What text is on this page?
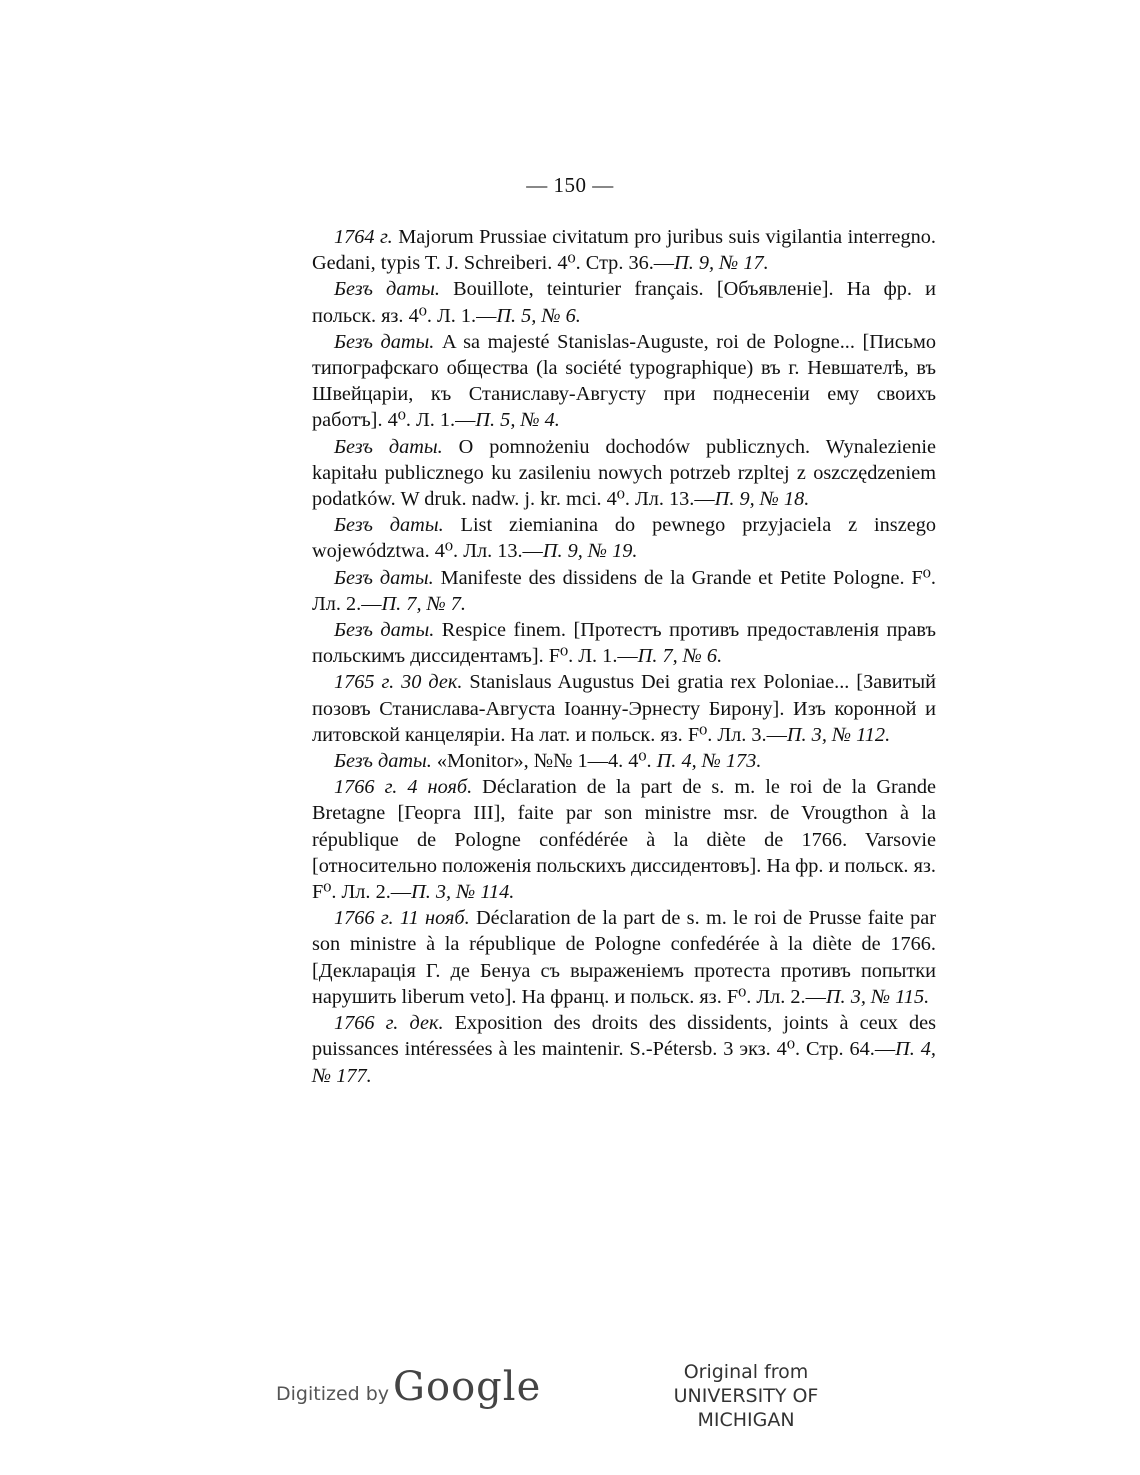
— 150 —

1764 г. Majorum Prussiae civitatum pro juribus suis vigilantia interregno. Gedani, typis T. J. Schreiberi. 4⁰. Стр. 36.—П. 9, № 17.

Безъ даты. Bouillote, teinturier français. [Объявленіе]. На фр. и польск. яз. 4⁰. Л. 1.—П. 5, № 6.

Безъ даты. A sa majesté Stanislas-Auguste, roi de Pologne... [Письмо типографскаго общества (la société typographique) въ г. Невшателѣ, въ Швейцаріи, къ Станиславу-Августу при поднесеніи ему своихъ работъ]. 4⁰. Л. 1.—П. 5, № 4.

Безъ даты. O pomnożeniu dochodów publicznych. Wynalezienie kapitału publicznego ku zasileniu nowych potrzeb rzpltej z oszczędzeniem podatków. W druk. nadw. j. kr. mci. 4⁰. Лл. 13.—П. 9, № 18.

Безъ даты. List ziemianina do pewnego przyjaciela z inszego województwa. 4⁰. Лл. 13.—П. 9, № 19.

Безъ даты. Manifeste des dissidens de la Grande et Petite Pologne. F⁰. Лл. 2.—П. 7, № 7.

Безъ даты. Respice finem. [Протестъ противъ предоставленія правъ польскимъ диссидентамъ]. F⁰. Л. 1.—П. 7, № 6.

1765 г. 30 дек. Stanislaus Augustus Dei gratia rex Poloniae... [Завитый позовъ Станислава-Августа Іоанну-Эрнесту Бирону]. Изъ коронной и литовской канцеляріи. На лат. и польск. яз. F⁰. Лл. 3.—П. 3, № 112.

Безъ даты. «Monitor», №№ 1—4. 4⁰. П. 4, № 173.

1766 г. 4 нояб. Déclaration de la part de s. m. le roi de la Grande Bretagne [Георга III], faite par son ministre msr. de Vrougthon à la république de Pologne confédérée à la diète de 1766. Varsovie [относительно положенія польскихъ диссидентовъ]. На фр. и польск. яз. F⁰. Лл. 2.—П. 3, № 114.

1766 г. 11 нояб. Déclaration de la part de s. m. le roi de Prusse faite par son ministre à la république de Pologne confedérée à la diète de 1766. [Декларація Г. де Бенуа съ выраженіемъ протеста противъ попытки нарушить liberum veto]. На франц. и польск. яз. F⁰. Лл. 2.—П. 3, № 115.

1766 г. дек. Exposition des droits des dissidents, joints à ceux des puissances intéressées à les maintenir. S.-Pétersb. 3 экз. 4⁰. Стр. 64.—П. 4, № 177.

Digitized by Google	Original from
UNIVERSITY OF MICHIGAN
